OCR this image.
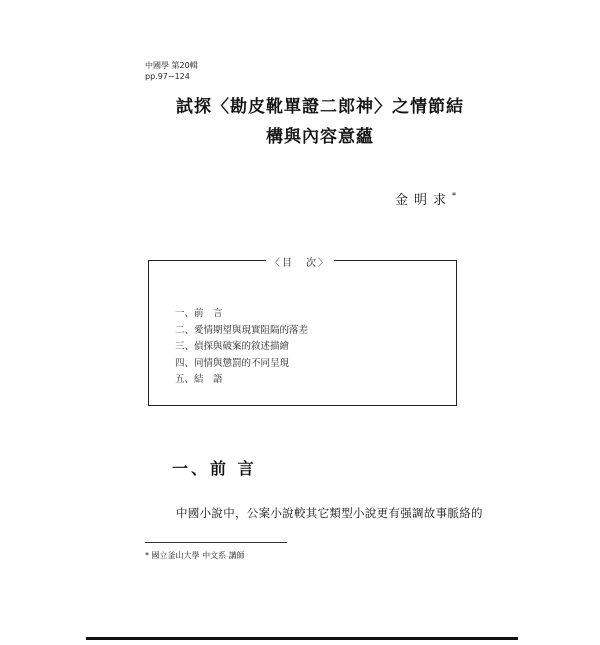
中國學 第20輯
pp.97∼124
試探〈勘皮靴單證二郎神〉之情節結
構與內容意蘊
金明求*
〈目　次〉
一、前　言
二、愛情期望與現實阻隔的落差
三、偵探與破案的敘述描繪
四、同情與懲罰的不同呈現
五、結　語
一、前 言
中國小說中，公案小說較其它類型小說更有强調故事脈絡的
* 國立釜山大學 中文系 講師
